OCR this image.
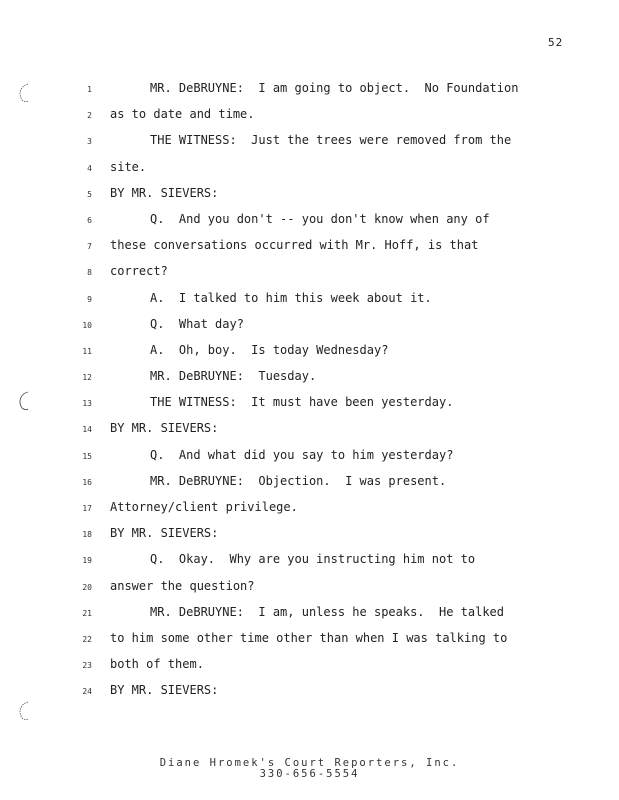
52
1	MR. DeBRUYNE:  I am going to object.  No Foundation
2 as to date and time.
3	THE WITNESS:  Just the trees were removed from the
4 site.
5 BY MR. SIEVERS:
6	Q.  And you don't -- you don't know when any of
7 these conversations occurred with Mr. Hoff, is that
8 correct?
9	A.  I talked to him this week about it.
10	Q.  What day?
11	A.  Oh, boy.  Is today Wednesday?
12	MR. DeBRUYNE:  Tuesday.
13	THE WITNESS:  It must have been yesterday.
14 BY MR. SIEVERS:
15	Q.  And what did you say to him yesterday?
16	MR. DeBRUYNE:  Objection.  I was present.
17 Attorney/client privilege.
18 BY MR. SIEVERS:
19	Q.  Okay.  Why are you instructing him not to
20 answer the question?
21	MR. DeBRUYNE:  I am, unless he speaks.  He talked
22 to him some other time other than when I was talking to
23 both of them.
24 BY MR. SIEVERS:
Diane Hromek's Court Reporters, Inc.
330-656-5554
